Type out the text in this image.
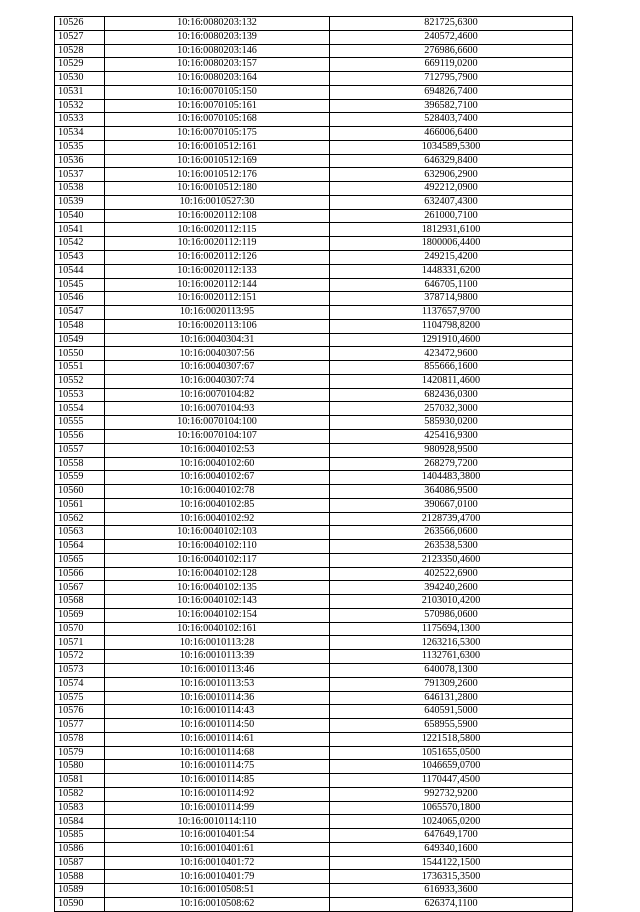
10526	10:16:0080203:132	821725,6300
10527	10:16:0080203:139	240572,4600
10528	10:16:0080203:146	276986,6600
10529	10:16:0080203:157	669119,0200
10530	10:16:0080203:164	712795,7900
10531	10:16:0070105:150	694826,7400
10532	10:16:0070105:161	396582,7100
10533	10:16:0070105:168	528403,7400
10534	10:16:0070105:175	466006,6400
10535	10:16:0010512:161	1034589,5300
10536	10:16:0010512:169	646329,8400
10537	10:16:0010512:176	632906,2900
10538	10:16:0010512:180	492212,0900
10539	10:16:0010527:30	632407,4300
10540	10:16:0020112:108	261000,7100
10541	10:16:0020112:115	1812931,6100
10542	10:16:0020112:119	1800006,4400
10543	10:16:0020112:126	249215,4200
10544	10:16:0020112:133	1448331,6200
10545	10:16:0020112:144	646705,1100
10546	10:16:0020112:151	378714,9800
10547	10:16:0020113:95	1137657,9700
10548	10:16:0020113:106	1104798,8200
10549	10:16:0040304:31	1291910,4600
10550	10:16:0040307:56	423472,9600
10551	10:16:0040307:67	855666,1600
10552	10:16:0040307:74	1420811,4600
10553	10:16:0070104:82	682436,0300
10554	10:16:0070104:93	257032,3000
10555	10:16:0070104:100	585930,0200
10556	10:16:0070104:107	425416,9300
10557	10:16:0040102:53	980928,9500
10558	10:16:0040102:60	268279,7200
10559	10:16:0040102:67	1404483,3800
10560	10:16:0040102:78	364086,9500
10561	10:16:0040102:85	390667,0100
10562	10:16:0040102:92	2128739,4700
10563	10:16:0040102:103	263566,0600
10564	10:16:0040102:110	263538,5300
10565	10:16:0040102:117	2123350,4600
10566	10:16:0040102:128	402522,6900
10567	10:16:0040102:135	394240,2600
10568	10:16:0040102:143	2103010,4200
10569	10:16:0040102:154	570986,0600
10570	10:16:0040102:161	1175694,1300
10571	10:16:0010113:28	1263216,5300
10572	10:16:0010113:39	1132761,6300
10573	10:16:0010113:46	640078,1300
10574	10:16:0010113:53	791309,2600
10575	10:16:0010114:36	646131,2800
10576	10:16:0010114:43	640591,5000
10577	10:16:0010114:50	658955,5900
10578	10:16:0010114:61	1221518,5800
10579	10:16:0010114:68	1051655,0500
10580	10:16:0010114:75	1046659,0700
10581	10:16:0010114:85	1170447,4500
10582	10:16:0010114:92	992732,9200
10583	10:16:0010114:99	1065570,1800
10584	10:16:0010114:110	1024065,0200
10585	10:16:0010401:54	647649,1700
10586	10:16:0010401:61	649340,1600
10587	10:16:0010401:72	1544122,1500
10588	10:16:0010401:79	1736315,3500
10589	10:16:0010508:51	616933,3600
10590	10:16:0010508:62	626374,1100
